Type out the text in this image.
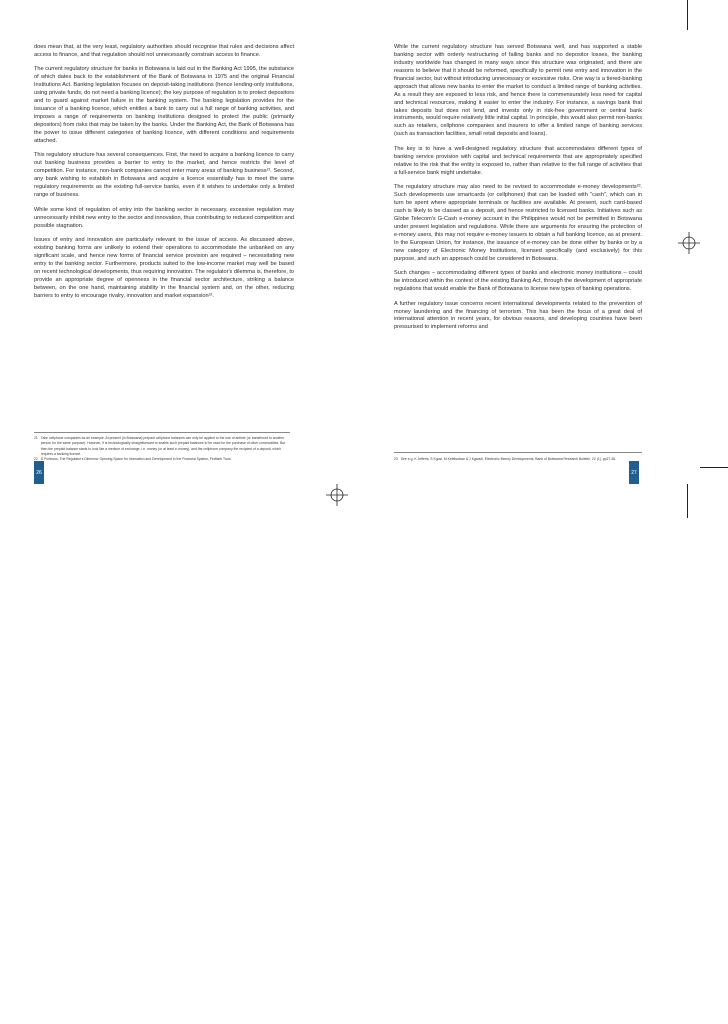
does mean that, at the very least, regulatory authorities should recognise that rules and decisions affect access to finance, and that regulation should not unnecessarily constrain access to finance.

The current regulatory structure for banks in Botswana is laid out in the Banking Act 1995, the substance of which dates back to the establishment of the Bank of Botswana in 1975 and the original Financial Institutions Act. Banking legislation focuses on deposit-taking institutions (hence lending-only institutions, using private funds, do not need a banking licence); the key purpose of regulation is to protect depositors and to guard against market failure in the banking system. The banking legislation provides for the issuance of a banking licence, which entitles a bank to carry out a full range of banking activities, and imposes a range of requirements on banking institutions designed to protect the public (primarily depositors) from risks that may be taken by the banks. Under the Banking Act, the Bank of Botswana has the power to issue different categories of banking licence, with different conditions and requirements attached.

This regulatory structure has several consequences. First, the need to acquire a banking licence to carry out banking business provides a barrier to entry to the market, and hence restricts the level of competition. For instance, non-bank companies cannot enter many areas of banking business²¹. Second, any bank wishing to establish in Botswana and acquire a licence essentially has to meet the same regulatory requirements as the existing full-service banks, even if it wishes to undertake only a limited range of business.

While some kind of regulation of entry into the banking sector is necessary, excessive regulation may unnecessarily inhibit new entry to the sector and innovation, thus contributing to reduced competition and possible stagnation.

Issues of entry and innovation are particularly relevant to the issue of access. As discussed above, existing banking forms are unlikely to extend their operations to accommodate the unbanked on any significant scale, and hence new forms of financial service provision are required – necessitating new entry to the banking sector. Furthermore, products suited to the low-income market may well be based on recent technological developments, thus requiring innovation. The regulator's dilemma is, therefore, to provide an appropriate degree of openness in the financial sector architecture, striking a balance between, on the one hand, maintaining stability in the financial system and, on the other, reducing barriers to entry to encourage rivalry, innovation and market expansion²².

21 Take cellphone companies as an example. At present (in Botswana) prepaid cellphone balances can only be applied to the use of airtime (or transferred to another person for the same purpose). However, it is technologically straightforward to enable such prepaid balances to be used for the purchase of other commodities. But then the prepaid balance starts to look like a medium of exchange, i.e. money (or at least e-money), and the cellphone company the recipient of a deposit, which requires a banking licence.
22 D Porteous, The Regulator's Dilemma: Opening Space for Innovation and Development in the Financial System, FinMark Trust.
26

While the current regulatory structure has served Botswana well, and has supported a stable banking sector with orderly restructuring of failing banks and no depositor losses, the banking industry worldwide has changed in many ways since this structure was originated, and there are reasons to believe that it should be reformed, specifically to permit new entry and innovation in the financial sector, but without introducing unnecessary or excessive risks. One way is a tiered-banking approach that allows new banks to enter the market to conduct a limited range of banking activities. As a result they are exposed to less risk, and hence there is commensurately less need for capital and technical resources, making it easier to enter the industry. For instance, a savings bank that takes deposits but does not lend, and invests only in risk-free government or central bank instruments, would require relatively little initial capital. In principle, this would also permit non-banks such as retailers, cellphone companies and insurers to offer a limited range of banking services (such as transaction facilities, small retail deposits and loans).

The key is to have a well-designed regulatory structure that accommodates different types of banking service provision with capital and technical requirements that are appropriately specified relative to the risk that the entity is exposed to, rather than relative to the full range of activities that a full-service bank might undertake.

The regulatory structure may also need to be revised to accommodate e-money developments²³. Such developments use smartcards (or cellphones) that can be loaded with "cash", which can in turn be spent where appropriate terminals or facilities are available. At present, such card-based cash is likely to be classed as a deposit, and hence restricted to licensed banks. Initiatives such as Globe Telecom's G-Cash e-money account in the Philippines would not be permitted in Botswana under present legislation and regulations. While there are arguments for ensuring the protection of e-money users, this may not require e-money issuers to obtain a full banking licence, as at present. In the European Union, for instance, the issuance of e-money can be done either by banks or by a new category of Electronic Money Institutions, licensed specifically (and exclusively) for this purpose, and such an approach could be considered in Botswana.

Such changes – accommodating different types of banks and electronic money institutions – could be introduced within the context of the existing Banking Act, through the development of appropriate regulations that would enable the Bank of Botswana to license new types of banking operations.

A further regulatory issue concerns recent international developments related to the prevention of money laundering and the financing of terrorism. This has been the focus of a great deal of international attention in recent years, for obvious reasons, and developing countries have been pressurised to implement reforms and

23 See e.g. K Jefferis, S Kgosi, M Kebitsokwe & J Kgwadi, Electronic Money Developments, Bank of Botswana Research Bulletin, 22 (1), pp27-36.
27
